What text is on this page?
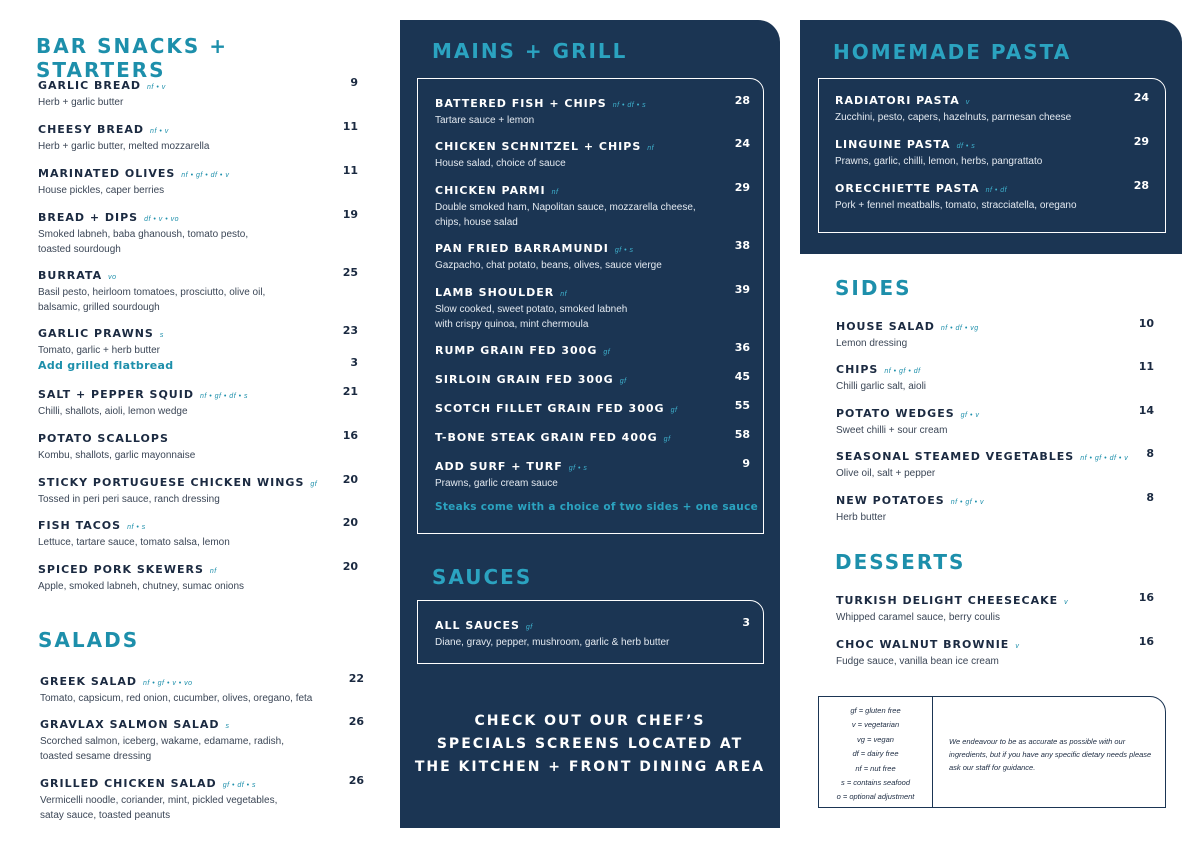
BAR SNACKS + STARTERS
GARLIC BREAD nf • v
Herb + garlic butter
9
CHEESY BREAD nf • v
Herb + garlic butter, melted mozzarella
11
MARINATED OLIVES nf • gf • df • v
House pickles, caper berries
11
BREAD + DIPS df • v • vo
Smoked labneh, baba ghanoush, tomato pesto,
toasted sourdough
19
BURRATA vo
Basil pesto, heirloom tomatoes, prosciutto, olive oil,
balsamic, grilled sourdough
25
GARLIC PRAWNS s
Tomato, garlic + herb butter
23
Add grilled flatbread	3
SALT + PEPPER SQUID nf • gf • df • s
Chilli, shallots, aioli, lemon wedge
21
POTATO SCALLOPS
Kombu, shallots, garlic mayonnaise
16
STICKY PORTUGUESE CHICKEN WINGS gf
Tossed in peri peri sauce, ranch dressing
20
FISH TACOS nf • s
Lettuce, tartare sauce, tomato salsa, lemon
20
SPICED PORK SKEWERS nf
Apple, smoked labneh, chutney, sumac onions
20
SALADS
GREEK SALAD nf • gf • v • vo
Tomato, capsicum, red onion, cucumber, olives, oregano, feta
22
GRAVLAX SALMON SALAD s
Scorched salmon, iceberg, wakame, edamame, radish,
toasted sesame dressing
26
GRILLED CHICKEN SALAD gf • df • s
Vermicelli noodle, coriander, mint, pickled vegetables,
satay sauce, toasted peanuts
26
MAINS + GRILL
BATTERED FISH + CHIPS nf • df • s
Tartare sauce + lemon
28
CHICKEN SCHNITZEL + CHIPS nf
House salad, choice of sauce
24
CHICKEN PARMI nf
Double smoked ham, Napolitan sauce, mozzarella cheese,
chips, house salad
29
PAN FRIED BARRAMUNDI gf • s
Gazpacho, chat potato, beans, olives, sauce vierge
38
LAMB SHOULDER nf
Slow cooked, sweet potato, smoked labneh
with crispy quinoa, mint chermoula
39
RUMP GRAIN FED 300G gf	36
SIRLOIN GRAIN FED 300G gf	45
SCOTCH FILLET GRAIN FED 300G gf	55
T-BONE STEAK GRAIN FED 400G gf	58
ADD SURF + TURF gf • s
Prawns, garlic cream sauce
9
Steaks come with a choice of two sides + one sauce
SAUCES
ALL SAUCES gf
Diane, gravy, pepper, mushroom, garlic & herb butter
3
CHECK OUT OUR CHEF’S
SPECIALS SCREENS LOCATED AT
THE KITCHEN + FRONT DINING AREA
HOMEMADE PASTA
RADIATORI PASTA v
Zucchini, pesto, capers, hazelnuts, parmesan cheese
24
LINGUINE PASTA df • s
Prawns, garlic, chilli, lemon, herbs, pangrattato
29
ORECCHIETTE PASTA nf • df
Pork + fennel meatballs, tomato, stracciatella, oregano
28
SIDES
HOUSE SALAD nf • df • vg
Lemon dressing
10
CHIPS nf • gf • df
Chilli garlic salt, aioli
11
POTATO WEDGES gf • v
Sweet chilli + sour cream
14
SEASONAL STEAMED VEGETABLES nf • gf • df • v
Olive oil, salt + pepper
8
NEW POTATOES nf • gf • v
Herb butter
8
DESSERTS
TURKISH DELIGHT CHEESECAKE v
Whipped caramel sauce, berry coulis
16
CHOC WALNUT BROWNIE v
Fudge sauce, vanilla bean ice cream
16
gf = gluten free
v = vegetarian
vg = vegan
df = dairy free
nf = nut free
s = contains seafood
o = optional adjustment
We endeavour to be as accurate as possible with our ingredients, but if you have any specific dietary needs please ask our staff for guidance.
